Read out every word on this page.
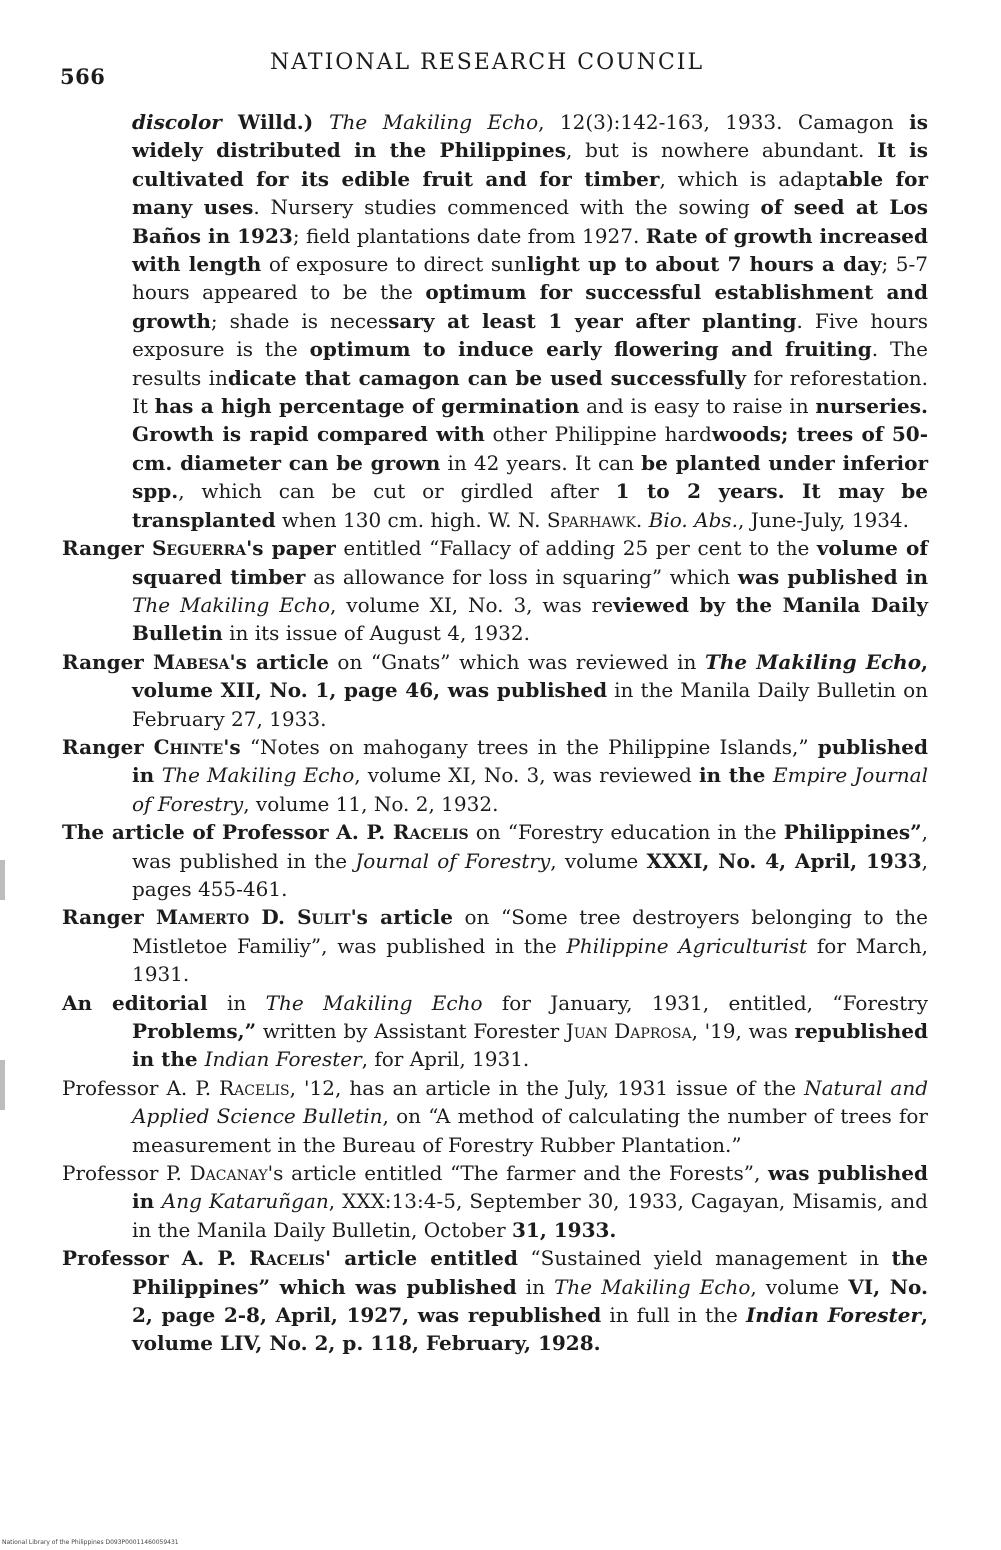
566
NATIONAL RESEARCH COUNCIL

discolor Willd.) The Makiling Echo, 12(3):142-163, 1933. Camagon is widely distributed in the Philippines, but is nowhere abundant. It is cultivated for its edible fruit and for timber, which is adaptable for many uses. Nursery studies commenced with the sowing of seed at Los Baños in 1923; field plantations date from 1927. Rate of growth increased with length of exposure to direct sunlight up to about 7 hours a day; 5-7 hours appeared to be the optimum for successful establishment and growth; shade is necessary at least 1 year after planting. Five hours exposure is the optimum to induce early flowering and fruiting. The results indicate that camagon can be used successfully for reforestation. It has a high percentage of germination and is easy to raise in nurseries. Growth is rapid compared with other Philippine hardwoods; trees of 50-cm. diameter can be grown in 42 years. It can be planted under inferior spp., which can be cut or girdled after 1 to 2 years. It may be transplanted when 130 cm. high. W. N. Sparhawk. Bio. Abs., June-July, 1934.

Ranger Seguerra's paper entitled “Fallacy of adding 25 per cent to the volume of squared timber as allowance for loss in squaring” which was published in The Makiling Echo, volume XI, No. 3, was reviewed by the Manila Daily Bulletin in its issue of August 4, 1932.

Ranger Mabesa's article on “Gnats” which was reviewed in The Makiling Echo, volume XII, No. 1, page 46, was published in the Manila Daily Bulletin on February 27, 1933.

Ranger Chinte's “Notes on mahogany trees in the Philippine Islands,” published in The Makiling Echo, volume XI, No. 3, was reviewed in the Empire Journal of Forestry, volume 11, No. 2, 1932.

The article of Professor A. P. Racelis on “Forestry education in the Philippines”, was published in the Journal of Forestry, volume XXXI, No. 4, April, 1933, pages 455-461.

Ranger Mamerto D. Sulit's article on “Some tree destroyers belonging to the Mistletoe Familiy”, was published in the Philippine Agriculturist for March, 1931.

An editorial in The Makiling Echo for January, 1931, entitled, “Forestry Problems,” written by Assistant Forester Juan Daprosa, '19, was republished in the Indian Forester, for April, 1931.

Professor A. P. Racelis, '12, has an article in the July, 1931 issue of the Natural and Applied Science Bulletin, on “A method of calculating the number of trees for measurement in the Bureau of Forestry Rubber Plantation.”

Professor P. Dacanay's article entitled “The farmer and the Forests”, was published in Ang Kataruñgan, XXX:13:4-5, September 30, 1933, Cagayan, Misamis, and in the Manila Daily Bulletin, October 31, 1933.

Professor A. P. Racelis' article entitled “Sustained yield management in the Philippines” which was published in The Makiling Echo, volume VI, No. 2, page 2-8, April, 1927, was republished in full in the Indian Forester, volume LIV, No. 2, p. 118, February, 1928.

National Library of the Philippines D093P00011460059431
